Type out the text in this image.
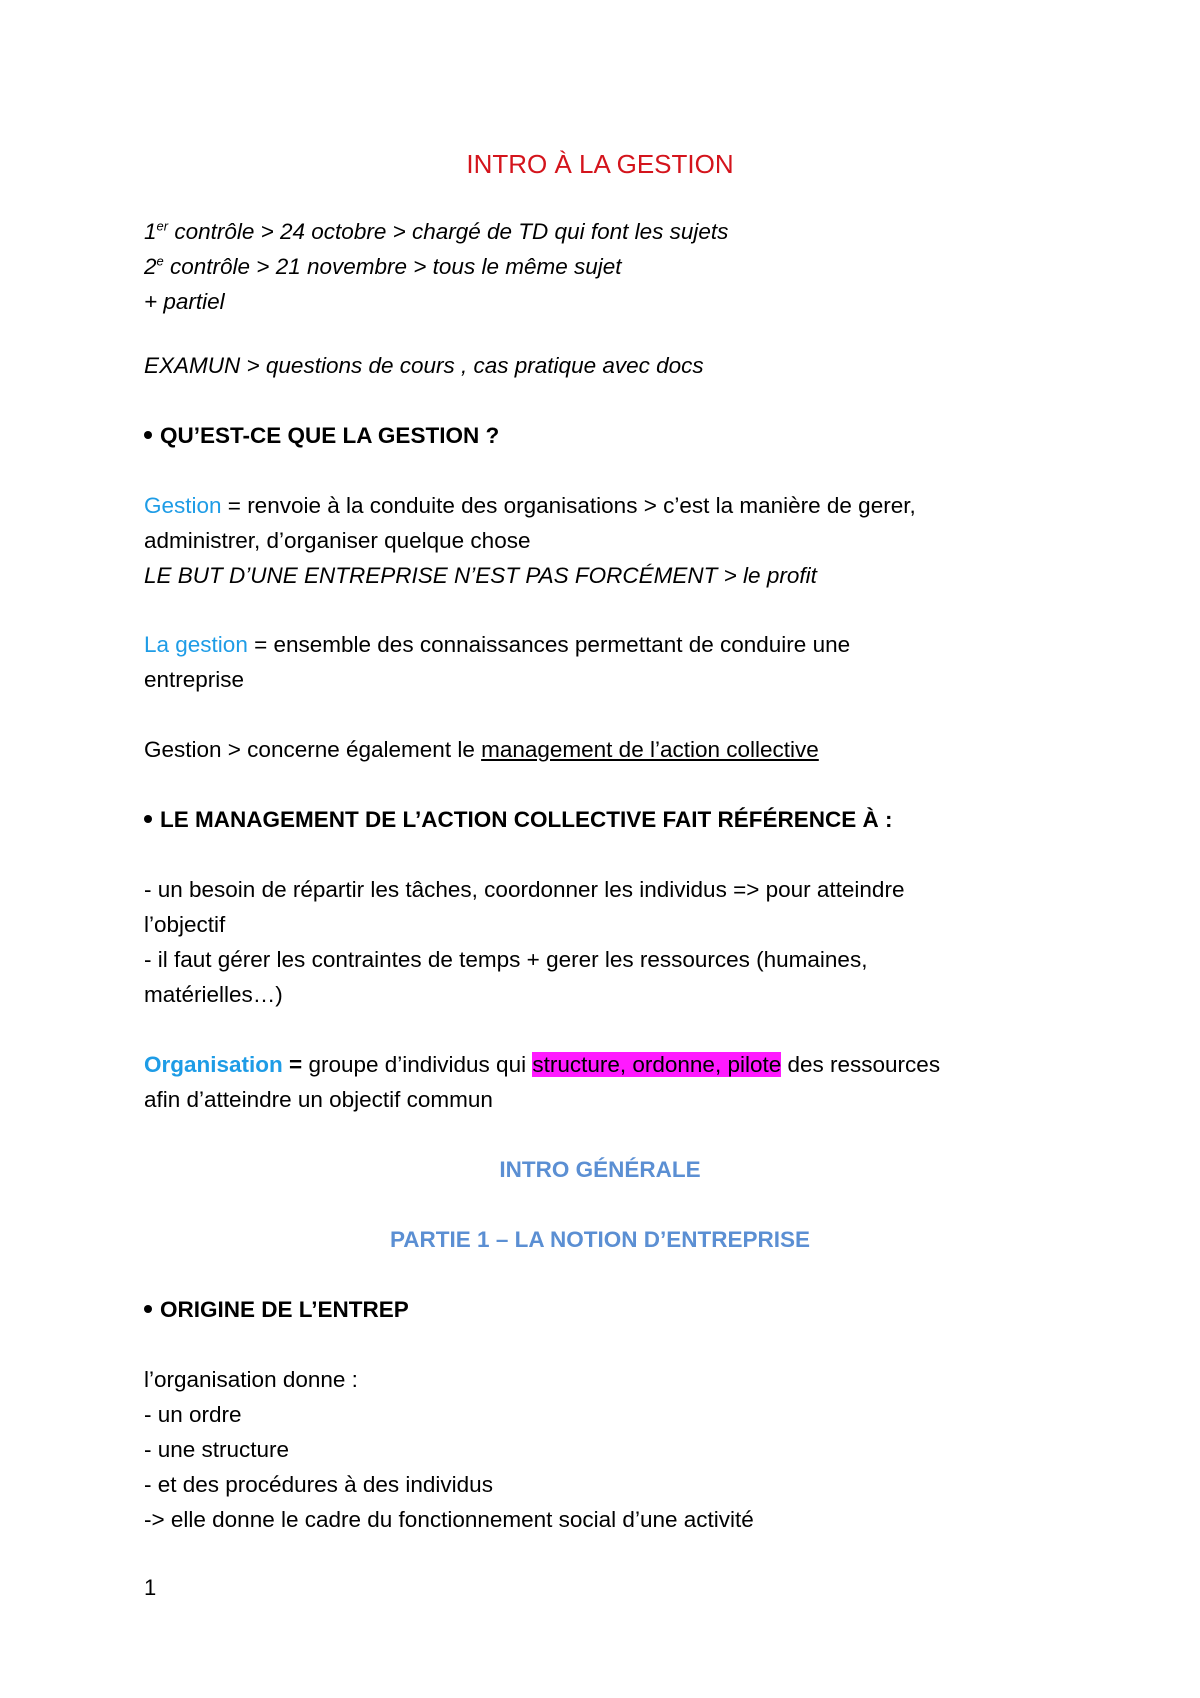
INTRO À LA GESTION
1er contrôle > 24 octobre > chargé de TD qui font les sujets
2e contrôle > 21 novembre > tous le même sujet
+ partiel
EXAMUN > questions de cours , cas pratique avec docs
QU’EST-CE QUE LA GESTION ?
Gestion = renvoie à la conduite des organisations > c’est la manière de gerer,
administrer, d’organiser quelque chose
LE BUT D’UNE ENTREPRISE N’EST PAS FORCÉMENT > le profit
La gestion = ensemble des connaissances permettant de conduire une
entreprise
Gestion > concerne également le management de l’action collective
LE MANAGEMENT DE L’ACTION COLLECTIVE FAIT RÉFÉRENCE À :
- un besoin de répartir les tâches, coordonner les individus => pour atteindre
l’objectif
- il faut gérer les contraintes de temps + gerer les ressources (humaines,
matérielles…)
Organisation = groupe d’individus qui structure, ordonne, pilote des ressources
afin d’atteindre un objectif commun
INTRO GÉNÉRALE
PARTIE 1 – LA NOTION D’ENTREPRISE
ORIGINE DE L’ENTREP
l’organisation donne :
- un ordre
- une structure
- et des procédures à des individus
-> elle donne le cadre du fonctionnement social d’une activité
1
